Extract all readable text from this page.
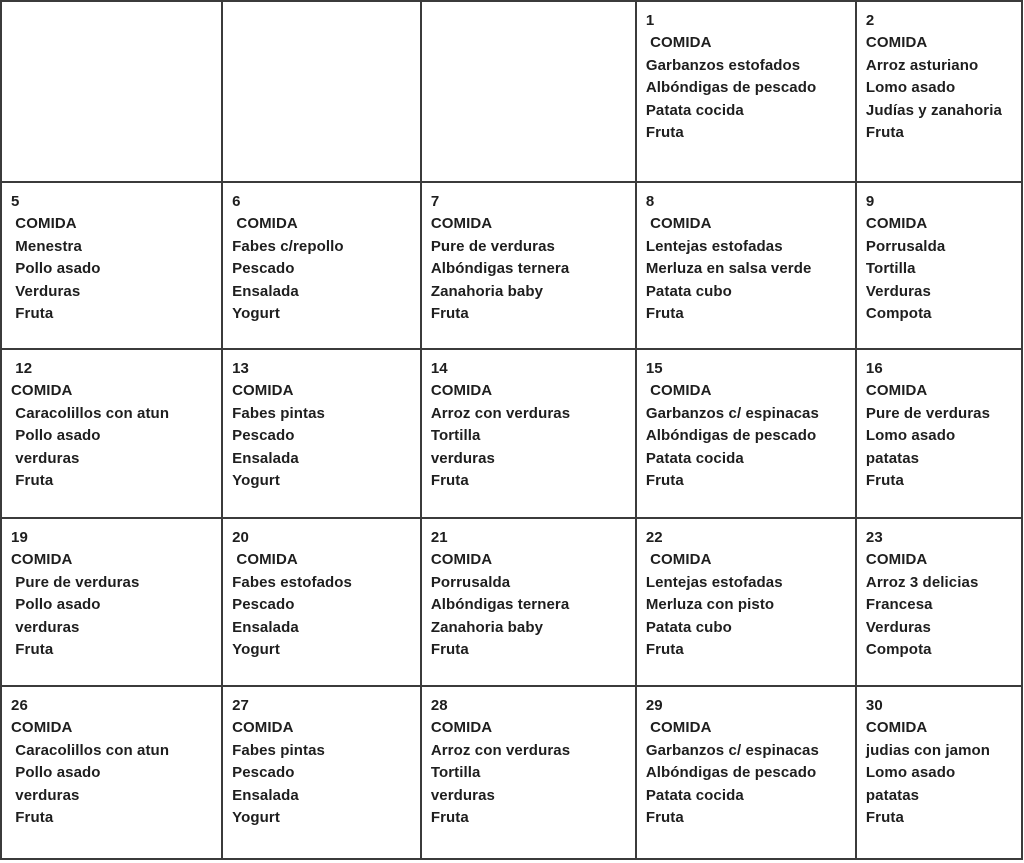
1
COMIDA
Garbanzos estofados
Albóndigas de pescado
Patata cocida
Fruta
2
COMIDA
Arroz asturiano
Lomo asado
Judías y zanahoria
Fruta
5
COMIDA
Menestra
Pollo asado
Verduras
Fruta
6
COMIDA
Fabes c/repollo
Pescado
Ensalada
Yogurt
7
COMIDA
Pure de verduras
Albóndigas ternera
Zanahoria baby
Fruta
8
COMIDA
Lentejas estofadas
Merluza en salsa verde
Patata cubo
Fruta
9
COMIDA
Porrusalda
Tortilla
Verduras
Compota
12
COMIDA
Caracolillos con atun
Pollo asado
verduras
Fruta
13
COMIDA
Fabes pintas
Pescado
Ensalada
Yogurt
14
COMIDA
Arroz con verduras
Tortilla
verduras
Fruta
15
COMIDA
Garbanzos c/ espinacas
Albóndigas de pescado
Patata cocida
Fruta
16
COMIDA
Pure de verduras
Lomo asado
patatas
Fruta
19
COMIDA
Pure de verduras
Pollo asado
verduras
Fruta
20
COMIDA
Fabes estofados
Pescado
Ensalada
Yogurt
21
COMIDA
Porrusalda
Albóndigas ternera
Zanahoria baby
Fruta
22
COMIDA
Lentejas estofadas
Merluza con pisto
Patata cubo
Fruta
23
COMIDA
Arroz 3 delicias
Francesa
Verduras
Compota
26
COMIDA
Caracolillos con atun
Pollo asado
verduras
Fruta
27
COMIDA
Fabes pintas
Pescado
Ensalada
Yogurt
28
COMIDA
Arroz con verduras
Tortilla
verduras
Fruta
29
COMIDA
Garbanzos c/ espinacas
Albóndigas de pescado
Patata cocida
Fruta
30
COMIDA
judias con jamon
Lomo asado
patatas
Fruta
